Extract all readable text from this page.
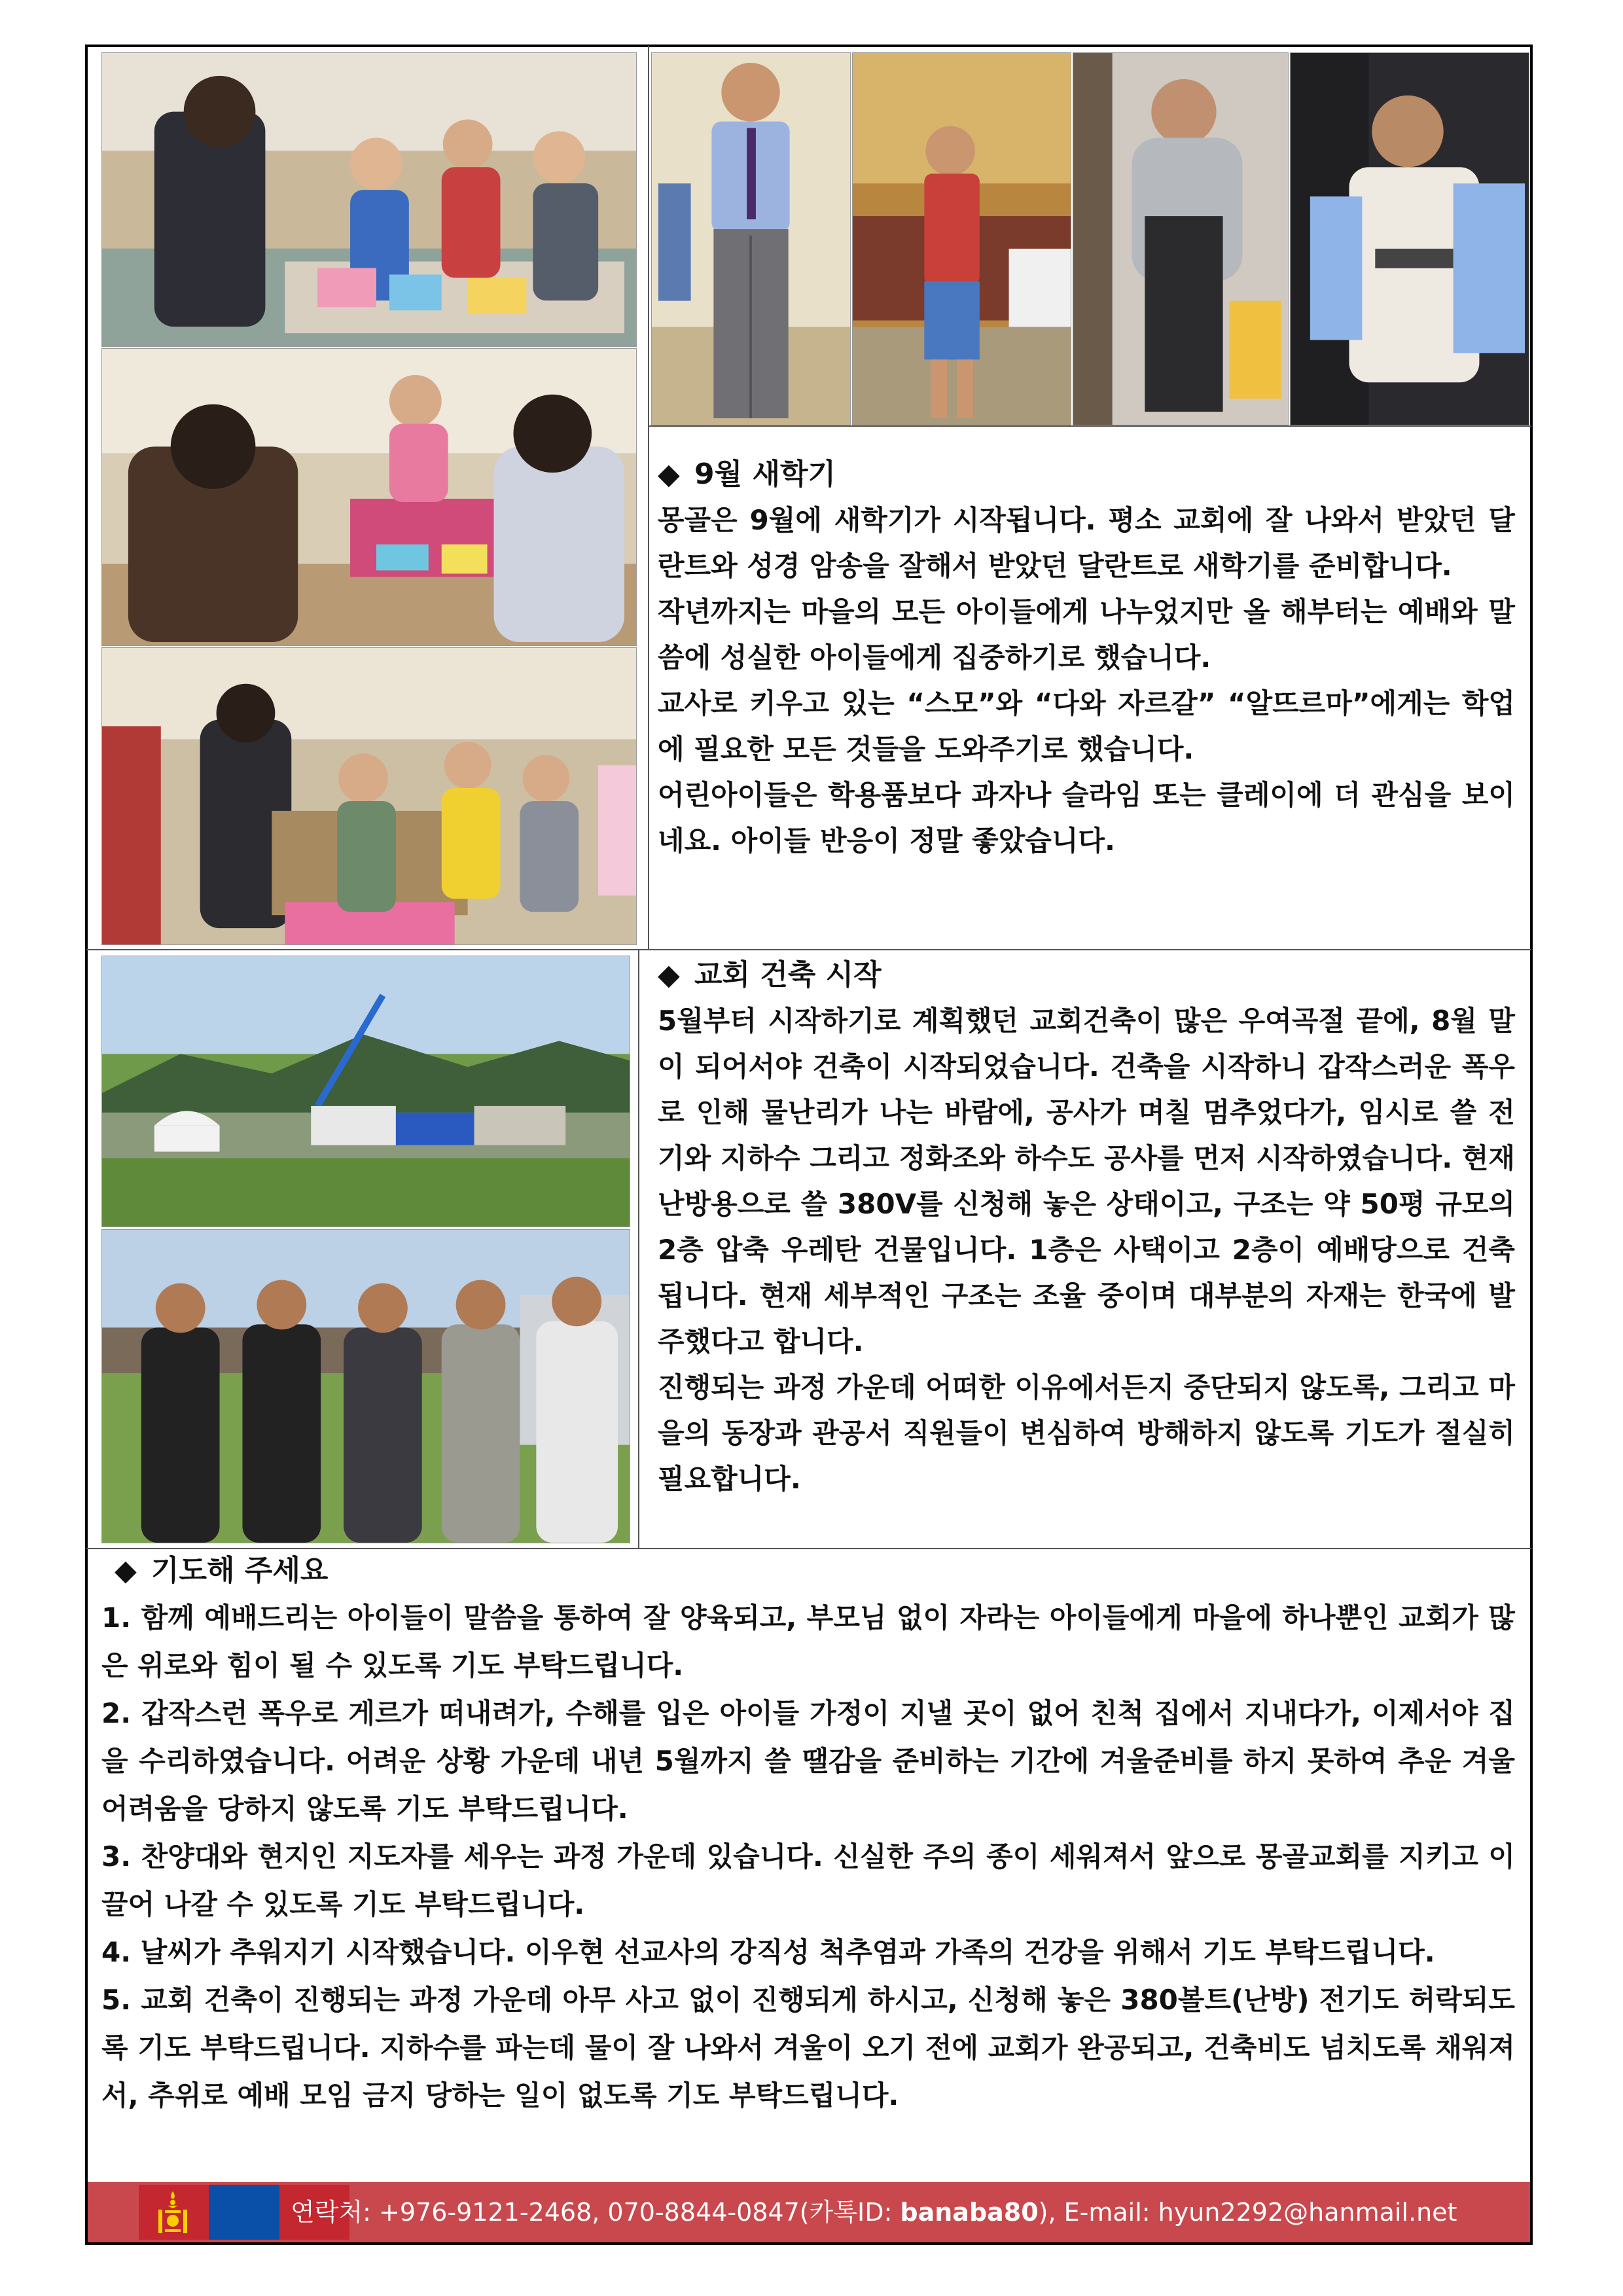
◆ 9월 새학기

몽골은 9월에 새학기가 시작됩니다. 평소 교회에 잘 나와서 받았던 달란트와 성경 암송을 잘해서 받았던 달란트로 새학기를 준비합니다.

작년까지는 마을의 모든 아이들에게 나누었지만 올 해부터는 예배와 말씀에 성실한 아이들에게 집중하기로 했습니다.

교사로 키우고 있는 “스모”와 “다와 자르갈” “알뜨르마”에게는 학업에 필요한 모든 것들을 도와주기로 했습니다.

어린아이들은 학용품보다 과자나 슬라임 또는 클레이에 더 관심을 보이네요. 아이들 반응이 정말 좋았습니다.

◆ 교회 건축 시작

5월부터 시작하기로 계획했던 교회건축이 많은 우여곡절 끝에, 8월 말이 되어서야 건축이 시작되었습니다. 건축을 시작하니 갑작스러운 폭우로 인해 물난리가 나는 바람에, 공사가 며칠 멈추었다가, 임시로 쓸 전기와 지하수 그리고 정화조와 하수도 공사를 먼저 시작하였습니다. 현재 난방용으로 쓸 380V를 신청해 놓은 상태이고, 구조는 약 50평 규모의 2층 압축 우레탄 건물입니다. 1층은 사택이고 2층이 예배당으로 건축됩니다. 현재 세부적인 구조는 조율 중이며 대부분의 자재는 한국에 발주했다고 합니다.

진행되는 과정 가운데 어떠한 이유에서든지 중단되지 않도록, 그리고 마을의 동장과 관공서 직원들이 변심하여 방해하지 않도록 기도가 절실히 필요합니다.

◆ 기도해 주세요

1. 함께 예배드리는 아이들이 말씀을 통하여 잘 양육되고, 부모님 없이 자라는 아이들에게 마을에 하나뿐인 교회가 많은 위로와 힘이 될 수 있도록 기도 부탁드립니다.

2. 갑작스런 폭우로 게르가 떠내려가, 수해를 입은 아이들 가정이 지낼 곳이 없어 친척 집에서 지내다가, 이제서야 집을 수리하였습니다. 어려운 상황 가운데 내년 5월까지 쓸 땔감을 준비하는 기간에 겨울준비를 하지 못하여 추운 겨울 어려움을 당하지 않도록 기도 부탁드립니다.

3. 찬양대와 현지인 지도자를 세우는 과정 가운데 있습니다. 신실한 주의 종이 세워져서 앞으로 몽골교회를 지키고 이끌어 나갈 수 있도록 기도 부탁드립니다.

4. 날씨가 추워지기 시작했습니다. 이우현 선교사의 강직성 척추염과 가족의 건강을 위해서 기도 부탁드립니다.

5. 교회 건축이 진행되는 과정 가운데 아무 사고 없이 진행되게 하시고, 신청해 놓은 380볼트(난방) 전기도 허락되도록 기도 부탁드립니다. 지하수를 파는데 물이 잘 나와서 겨울이 오기 전에 교회가 완공되고, 건축비도 넘치도록 채워져서, 추위로 예배 모임 금지 당하는 일이 없도록 기도 부탁드립니다.

연락처: +976-9121-2468, 070-8844-0847(카톡ID: banaba80), E-mail: hyun2292@hanmail.net
